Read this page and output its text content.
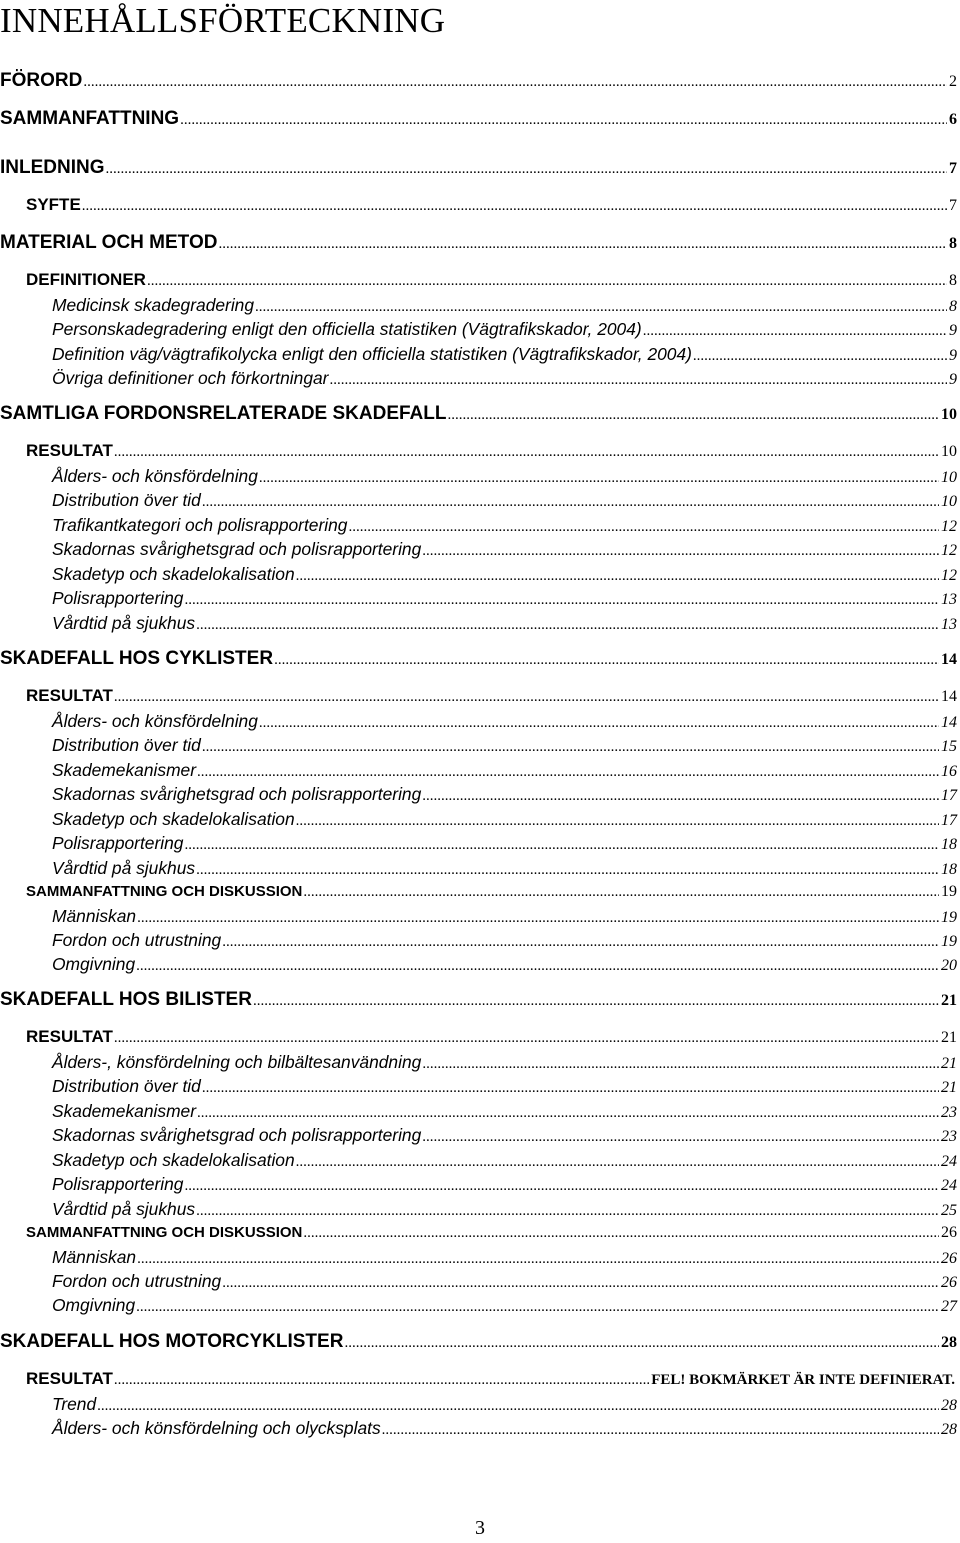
INNEHÅLLSFÖRTECKNING
FÖRORD .....	2
SAMMANFATTNING .....	6
INLEDNING .....	7
SYFTE .....	7
MATERIAL OCH METOD .....	8
DEFINITIONER .....	8
Medicinsk skadegradering .....	8
Personskadegradering enligt den officiella statistiken (Vägtrafikskador, 2004) .....	9
Definition väg/vägtrafikolycka enligt den officiella statistiken (Vägtrafikskador, 2004) .....	9
Övriga definitioner och förkortningar .....	9
SAMTLIGA FORDONSRELATERADE SKADEFALL .....	10
RESULTAT .....	10
Ålders- och könsfördelning .....	10
Distribution över tid .....	10
Trafikantkategori och polisrapportering .....	12
Skadornas svårighetsgrad och polisrapportering .....	12
Skadetyp och skadelokalisation .....	12
Polisrapportering .....	13
Vårdtid på sjukhus .....	13
SKADEFALL HOS CYKLISTER .....	14
RESULTAT .....	14
Ålders- och könsfördelning .....	14
Distribution över tid .....	15
Skademekanismer .....	16
Skadornas svårighetsgrad och polisrapportering .....	17
Skadetyp och skadelokalisation .....	17
Polisrapportering .....	18
Vårdtid på sjukhus .....	18
SAMMANFATTNING OCH DISKUSSION .....	19
Människan .....	19
Fordon och utrustning .....	19
Omgivning .....	20
SKADEFALL HOS BILISTER .....	21
RESULTAT .....	21
Ålders-, könsfördelning och bilbältesanvändning .....	21
Distribution över tid .....	21
Skademekanismer .....	23
Skadornas svårighetsgrad och polisrapportering .....	23
Skadetyp och skadelokalisation .....	24
Polisrapportering .....	24
Vårdtid på sjukhus .....	25
SAMMANFATTNING OCH DISKUSSION .....	26
Människan .....	26
Fordon och utrustning .....	26
Omgivning .....	27
SKADEFALL HOS MOTORCYKLISTER .....	28
RESULTAT .....	FEL! BOKMÄRKET ÄR INTE DEFINIERAT.
Trend .....	28
Ålders- och könsfördelning och olycksplats .....	28
3
